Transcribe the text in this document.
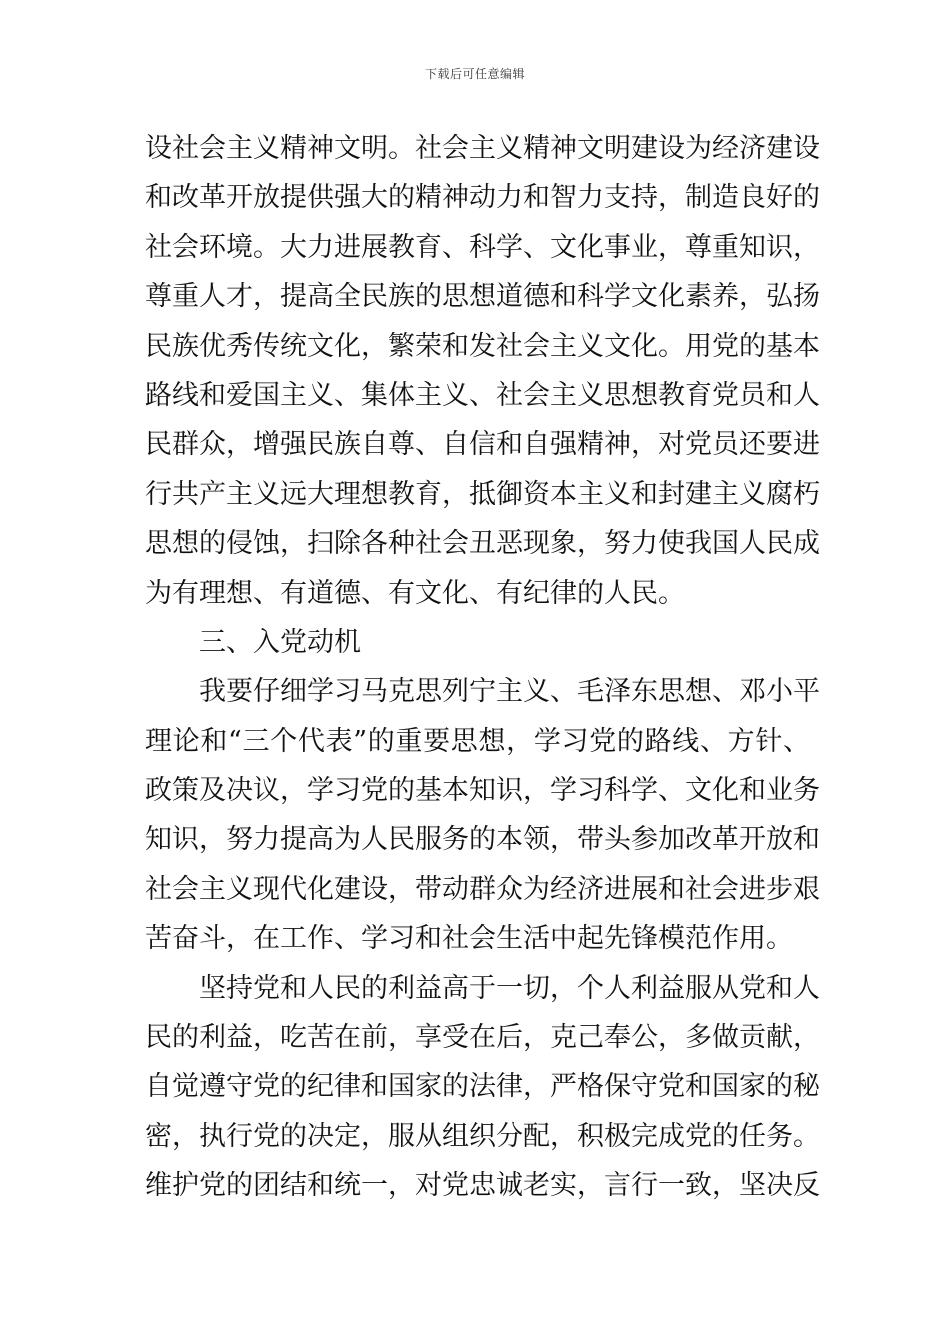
下载后可任意编辑
设社会主义精神文明。社会主义精神文明建设为经济建设
和改革开放提供强大的精神动力和智力支持，制造良好的
社会环境。大力进展教育、科学、文化事业，尊重知识，
尊重人才，提高全民族的思想道德和科学文化素养，弘扬
民族优秀传统文化，繁荣和发社会主义文化。用党的基本
路线和爱国主义、集体主义、社会主义思想教育党员和人
民群众，增强民族自尊、自信和自强精神，对党员还要进
行共产主义远大理想教育，抵御资本主义和封建主义腐朽
思想的侵蚀，扫除各种社会丑恶现象，努力使我国人民成
为有理想、有道德、有文化、有纪律的人民。
三、入党动机
我要仔细学习马克思列宁主义、毛泽东思想、邓小平
理论和“三个代表”的重要思想，学习党的路线、方针、
政策及决议，学习党的基本知识，学习科学、文化和业务
知识，努力提高为人民服务的本领，带头参加改革开放和
社会主义现代化建设，带动群众为经济进展和社会进步艰
苦奋斗，在工作、学习和社会生活中起先锋模范作用。
坚持党和人民的利益高于一切，个人利益服从党和人
民的利益，吃苦在前，享受在后，克己奉公，多做贡献，
自觉遵守党的纪律和国家的法律，严格保守党和国家的秘
密，执行党的决定，服从组织分配，积极完成党的任务。
维护党的团结和统一，对党忠诚老实，言行一致，坚决反
